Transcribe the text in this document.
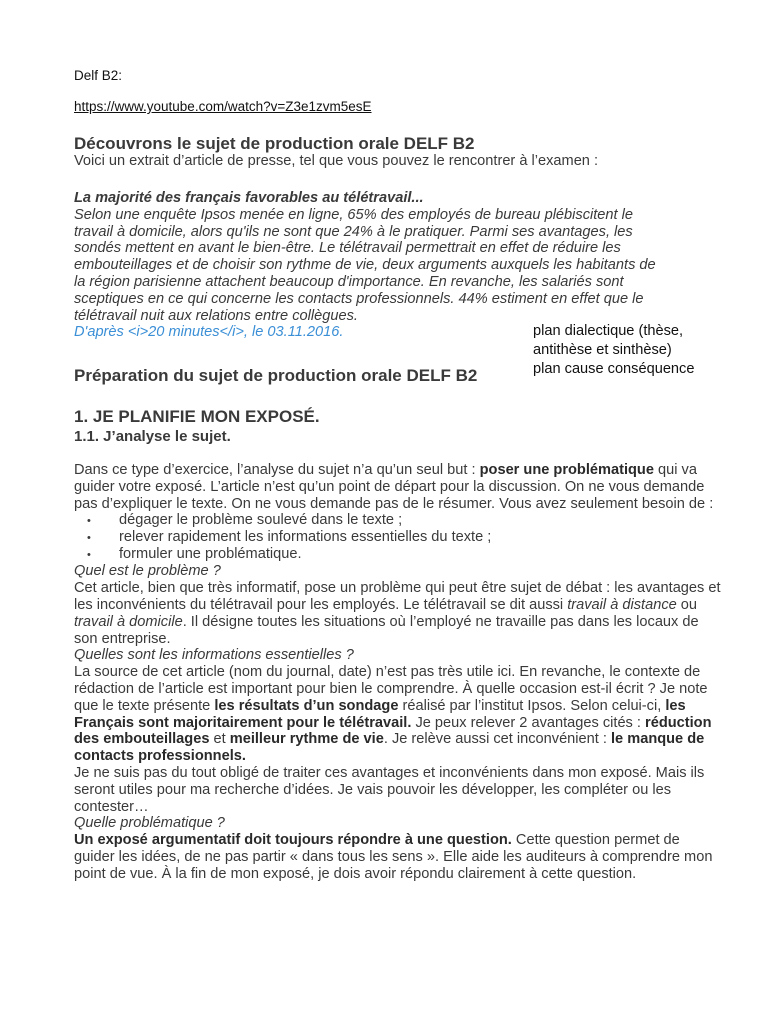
Delf B2:
https://www.youtube.com/watch?v=Z3e1zvm5esE
Découvrons le sujet de production orale DELF B2

Voici un extrait d’article de presse, tel que vous pouvez le rencontrer à l’examen :

La majorité des français favorables au télétravail...

Selon une enquête Ipsos menée en ligne, 65% des employés de bureau plébiscitent le

travail à domicile, alors qu'ils ne sont que 24% à le pratiquer. Parmi ses avantages, les

sondés mettent en avant le bien-être. Le télétravail permettrait en effet de réduire les

embouteillages et de choisir son rythme de vie, deux arguments auxquels les habitants de

la région parisienne attachent beaucoup d'importance. En revanche, les salariés sont

sceptiques en ce qui concerne les contacts professionnels. 44% estiment en effet que le

télétravail nuit aux relations entre collègues.

D'après <i>20 minutes</i>, le 03.11.2016.	plan dialectique (thèse,
antithèse et sinthèse)
plan cause conséquence
Préparation du sujet de production orale DELF B2
1. JE PLANIFIE MON EXPOSÉ.
1.1. J’analyse le sujet.

Dans ce type d’exercice, l’analyse du sujet n’a qu’un seul but : poser une problématique qui va guider votre exposé. L’article n’est qu’un point de départ pour la discussion. On ne vous demande pas d’expliquer le texte. On ne vous demande pas de le résumer. Vous avez seulement besoin de :

• dégager le problème soulevé dans le texte ;
• relever rapidement les informations essentielles du texte ;
• formuler une problématique.

Quel est le problème ?

Cet article, bien que très informatif, pose un problème qui peut être sujet de débat : les avantages et les inconvénients du télétravail pour les employés. Le télétravail se dit aussi travail à distance ou travail à domicile. Il désigne toutes les situations où l’employé ne travaille pas dans les locaux de son entreprise.

Quelles sont les informations essentielles ?

La source de cet article (nom du journal, date) n’est pas très utile ici. En revanche, le contexte de rédaction de l’article est important pour bien le comprendre. À quelle occasion est-il écrit ? Je note que le texte présente les résultats d’un sondage réalisé par l’institut Ipsos. Selon celui-ci, les Français sont majoritairement pour le télétravail. Je peux relever 2 avantages cités : réduction des embouteillages et meilleur rythme de vie. Je relève aussi cet inconvénient : le manque de contacts professionnels.

Je ne suis pas du tout obligé de traiter ces avantages et inconvénients dans mon exposé. Mais ils seront utiles pour ma recherche d’idées. Je vais pouvoir les développer, les compléter ou les contester…

Quelle problématique ?

Un exposé argumentatif doit toujours répondre à une question. Cette question permet de guider les idées, de ne pas partir « dans tous les sens ». Elle aide les auditeurs à comprendre mon point de vue. À la fin de mon exposé, je dois avoir répondu clairement à cette question.
